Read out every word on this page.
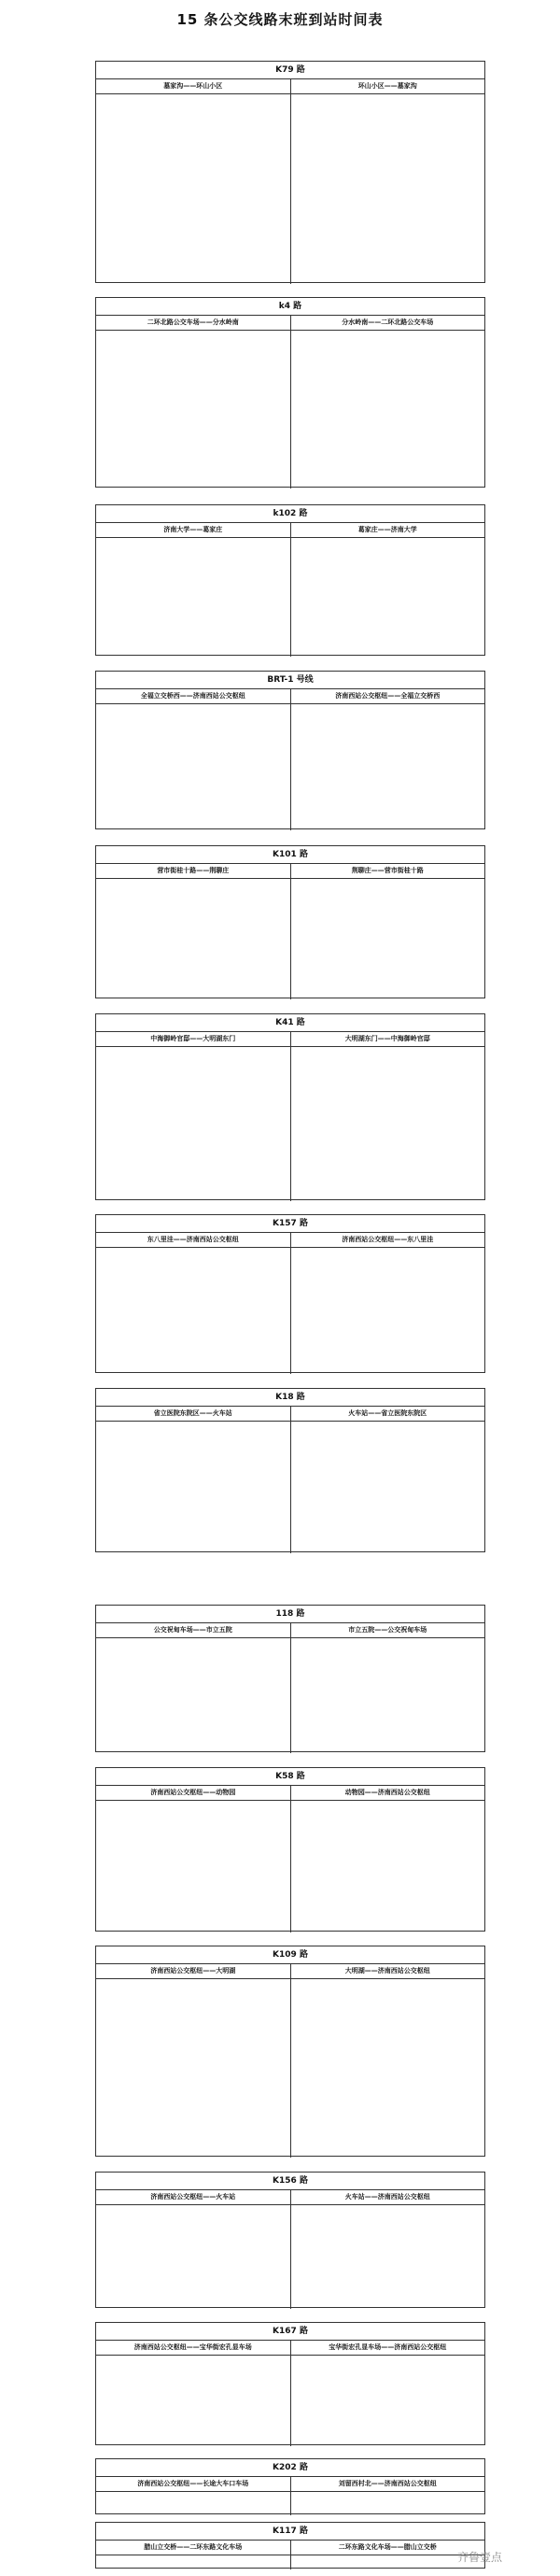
15 条公交线路末班到站时间表
K79 路
墓家沟——环山小区	环山小区——墓家沟
k4 路
二环北路公交车场——分水岭南	分水岭南——二环北路公交车场
k102 路
济南大学——葛家庄	葛家庄——济南大学
BRT-1 号线
全福立交桥西——济南西站公交枢纽	济南西站公交枢纽——全福立交桥西
K101 路
营市街桂十路——荆聊庄	荆聊庄——营市街桂十路
K41 路
中海御岭官邸——大明湖东门	大明湖东门——中海御岭官邸
K157 路
东八里洼——济南西站公交枢纽	济南西站公交枢纽——东八里洼
K18 路
省立医院东院区——火车站	火车站——省立医院东院区
118 路
公交祝甸车场——市立五院	市立五院——公交祝甸车场
K58 路
济南西站公交枢纽——动物园	动物园——济南西站公交枢纽
K109 路
济南西站公交枢纽——大明湖	大明湖——济南西站公交枢纽
K156 路
济南西站公交枢纽——火车站	火车站——济南西站公交枢纽
K167 路
济南西站公交枢纽——宝华街宏孔显车场	宝华街宏孔显车场——济南西站公交枢纽
K202 路
济南西站公交枢纽——长途大车口车场	刘留西村北——济南西站公交枢纽
K117 路
腊山立交桥——二环东路文化车场	二环东路文化车场——腊山立交桥
齐鲁壹点
